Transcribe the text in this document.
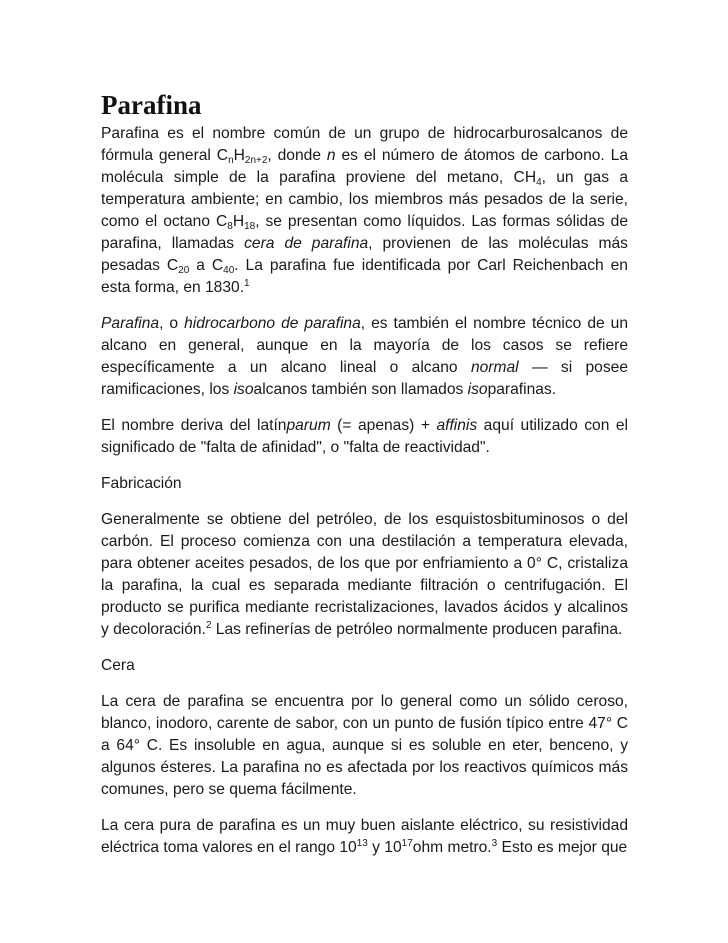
Parafina

Parafina es el nombre común de un grupo de hidrocarburosalcanos de fórmula general $C_nH_{2n+2}$, donde n es el número de átomos de carbono. La molécula simple de la parafina proviene del metano, $CH_4$, un gas a temperatura ambiente; en cambio, los miembros más pesados de la serie, como el octano $C_8H_{18}$, se presentan como líquidos. Las formas sólidas de parafina, llamadas cera de parafina, provienen de las moléculas más pesadas $C_{20}$ a $C_{40}$. La parafina fue identificada por Carl Reichenbach en esta forma, en 1830.$^1$

Parafina, o hidrocarbono de parafina, es también el nombre técnico de un alcano en general, aunque en la mayoría de los casos se refiere específicamente a un alcano lineal o alcano normal — si posee ramificaciones, los isoalcanos también son llamados isoparafinas.

El nombre deriva del latínparum (= apenas) + affinis aquí utilizado con el significado de "falta de afinidad", o "falta de reactividad".

Fabricación

Generalmente se obtiene del petróleo, de los esquistosbituminosos o del carbón. El proceso comienza con una destilación a temperatura elevada, para obtener aceites pesados, de los que por enfriamiento a 0° C, cristaliza la parafina, la cual es separada mediante filtración o centrifugación. El producto se purifica mediante recristalizaciones, lavados ácidos y alcalinos y decoloración.$^2$ Las refinerías de petróleo normalmente producen parafina.

Cera

La cera de parafina se encuentra por lo general como un sólido ceroso, blanco, inodoro, carente de sabor, con un punto de fusión típico entre 47° C a 64° C. Es insoluble en agua, aunque si es soluble en eter, benceno, y algunos ésteres. La parafina no es afectada por los reactivos químicos más comunes, pero se quema fácilmente.

La cera pura de parafina es un muy buen aislante eléctrico, su resistividad eléctrica toma valores en el rango $10^{13}$ y $10^{17}ohm$ metro.$^3$ Esto es mejor que
